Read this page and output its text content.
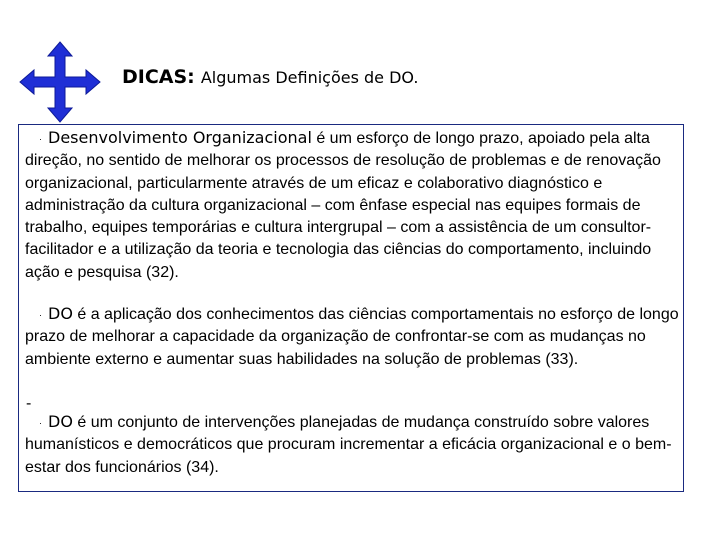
DICAS: Algumas Definições de DO.
· Desenvolvimento Organizacional é um esforço de longo prazo, apoiado pela alta direção, no sentido de melhorar os processos de resolução de problemas e de renovação organizacional, particularmente através de um eficaz e colaborativo diagnóstico e administração da cultura organizacional – com ênfase especial nas equipes formais de trabalho, equipes temporárias e cultura intergrupal – com a assistência de um consultor-facilitador e a utilização da teoria e tecnologia das ciências do comportamento, incluindo ação e pesquisa (32).
· DO é a aplicação dos conhecimentos das ciências comportamentais no esforço de longo prazo de melhorar a capacidade da organização de confrontar-se com as mudanças no ambiente externo e aumentar suas habilidades na solução de problemas (33).
-
· DO é um conjunto de intervenções planejadas de mudança construído sobre valores humanísticos e democráticos que procuram incrementar a eficácia organizacional e o bem-estar dos funcionários (34).
